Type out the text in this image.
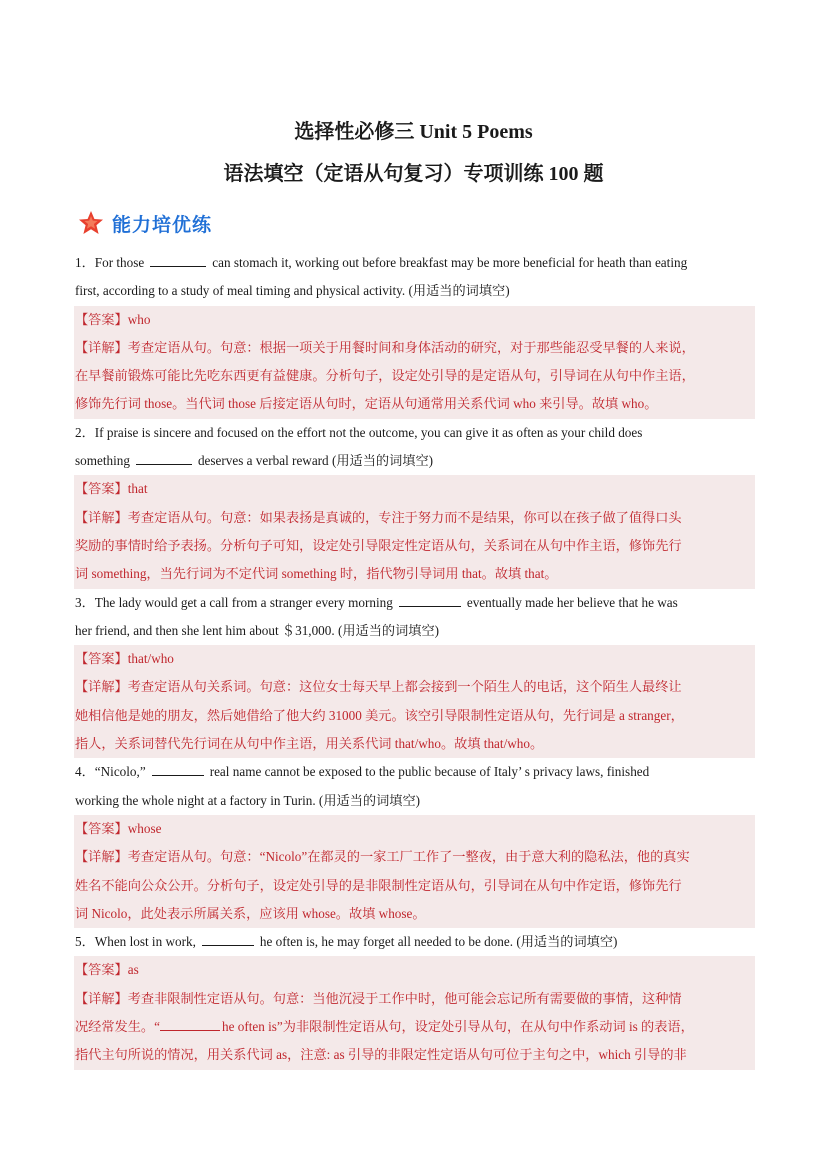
选择性必修三 Unit 5 Poems
语法填空（定语从句复习）专项训练 100 题
能力培优练
1．For those	can stomach it, working out before breakfast may be more beneficial for heath than eating
first, according to a study of meal timing and physical activity. (用适当的词填空)
【答案】who
【详解】考查定语从句。句意：根据一项关于用餐时间和身体活动的研究，对于那些能忍受早餐的人来说，
在早餐前锻炼可能比先吃东西更有益健康。分析句子，设定处引导的是定语从句，引导词在从句中作主语，
修饰先行词 those。当代词 those 后接定语从句时，定语从句通常用关系代词 who 来引导。故填 who。
2．If praise is sincere and focused on the effort not the outcome, you can give it as often as your child does
something	deserves a verbal reward (用适当的词填空)
【答案】that
【详解】考查定语从句。句意：如果表扬是真诚的，专注于努力而不是结果，你可以在孩子做了值得口头
奖励的事情时给予表扬。分析句子可知，设定处引导限定性定语从句，关系词在从句中作主语，修饰先行
词 something，当先行词为不定代词 something 时，指代物引导词用 that。故填 that。
3．The lady would get a call from a stranger every morning	eventually made her believe that he was
her friend, and then she lent him about ＄31,000. (用适当的词填空)
【答案】that/who
【详解】考查定语从句关系词。句意：这位女士每天早上都会接到一个陌生人的电话，这个陌生人最终让
她相信他是她的朋友，然后她借给了他大约 31000 美元。该空引导限制性定语从句，先行词是 a stranger，
指人，关系词替代先行词在从句中作主语，用关系代词 that/who。故填 that/who。
4．“Nicolo,”	real name cannot be exposed to the public because of Italy’ s privacy laws, finished
working the whole night at a factory in Turin. (用适当的词填空)
【答案】whose
【详解】考查定语从句。句意：“Nicolo”在都灵的一家工厂工作了一整夜，由于意大利的隐私法，他的真实
姓名不能向公众公开。分析句子，设定处引导的是非限制性定语从句，引导词在从句中作定语，修饰先行
词 Nicolo，此处表示所属关系，应该用 whose。故填 whose。
5．When lost in work,	he often is, he may forget all needed to be done. (用适当的词填空)
【答案】as
【详解】考查非限制性定语从句。句意：当他沉浸于工作中时，他可能会忘记所有需要做的事情，这种情
况经常发生。“	he often is”为非限制性定语从句，设定处引导从句，在从句中作系动词 is 的表语，
指代主句所说的情况，用关系代词 as，注意: as 引导的非限定性定语从句可位于主句之中，which 引导的非
